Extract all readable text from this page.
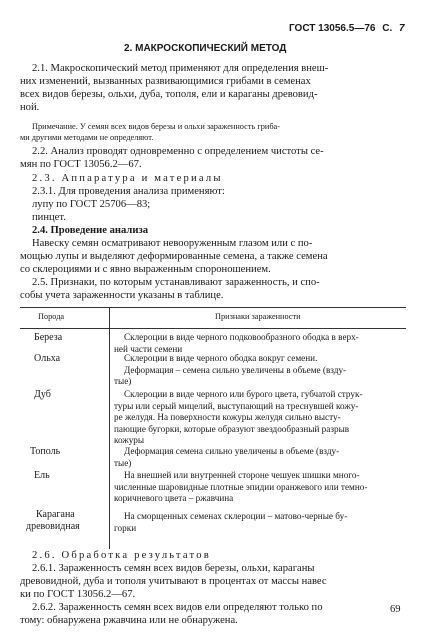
ГОСТ 13056.5—76 С. 7
2. МАКРОСКОПИЧЕСКИЙ МЕТОД
2.1. Макроскопический метод применяют для определения внеш-
них изменений, вызванных развивающимися грибами в семенах
всех видов березы, ольхи, дуба, тополя, ели и караганы древовид-
ной.
Примечание. У семян всех видов березы и ольхи зараженность гриба-
ми другими методами не определяют.
2.2. Анализ проводят одновременно с определением чистоты се-
мян по ГОСТ 13056.2—67.
2.3. Аппаратура и материалы
2.3.1. Для проведения анализа применяют:
лупу по ГОСТ 25706—83;
пинцет.
2.4. Проведение анализа
Навеску семян осматривают невооруженным глазом или с по-
мощью лупы и выделяют деформированные семена, а также семена
со склероциями и с явно выраженным спороношением.
2.5. Признаки, по которым устанавливают зараженность, и спо-
собы учета зараженности указаны в таблице.
Порода	Признаки зараженности
Береза	Склероции в виде черного подковообразного ободка в верх-
ней части семени
Ольха	Склероции в виде черного ободка вокруг семени.
Деформация – семена сильно увеличены в объеме (взду-
тые)
Дуб	Склероции в виде черного или бурого цвета, губчатой струк-
туры или серый мицелий, выступающий на треснувшей кожу-
ре желудя. На поверхности кожуры желудя сильно высту-
пающие бугорки, которые образуют звездообразный разрыв
кожуры
Тополь	Деформация семена сильно увеличены в объеме (взду-
тые)
Ель	На внешней или внутренней стороне чешуек шишки много-
численные шаровидные плотные эпидии оранжевого или темно-
коричневого цвета – ржавчина
Карагана
древовидная
На сморщенных семенах склероции – матово-черные бу-
горки
2.6. Обработка результатов
2.6.1. Зараженность семян всех видов березы, ольхи, караганы
древовидной, дуба и тополя учитывают в процентах от массы навес
ки по ГОСТ 13056.2—67.
2.6.2. Зараженность семян всех видов ели определяют только по
тому: обнаружена ржавчина или не обнаружена.
69
